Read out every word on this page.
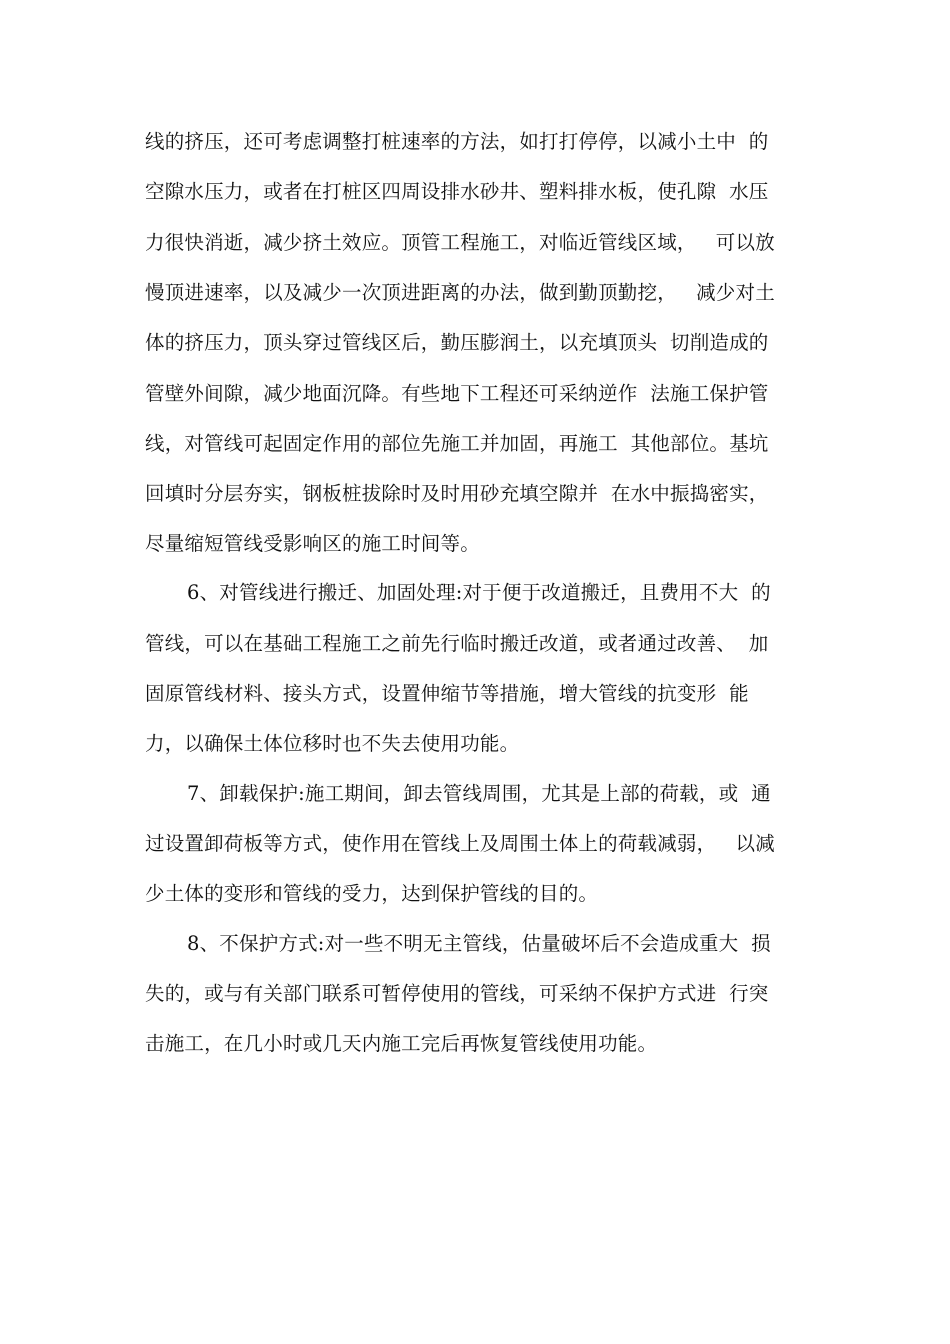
线的挤压，还可考虑调整打桩速率的方法，如打打停停，以减小土中  的
空隙水压力，或者在打桩区四周设排水砂井、塑料排水板，使孔隙  水压
力很快消逝，减少挤土效应。顶管工程施工，对临近管线区域，   可以放
慢顶进速率，以及减少一次顶进距离的办法，做到勤顶勤挖，   减少对土
体的挤压力，顶头穿过管线区后，勤压膨润土，以充填顶头  切削造成的
管壁外间隙，减少地面沉降。有些地下工程还可采纳逆作  法施工保护管
线，对管线可起固定作用的部位先施工并加固，再施工  其他部位。基坑
回填时分层夯实，钢板桩拔除时及时用砂充填空隙并  在水中振捣密实，
尽量缩短管线受影响区的施工时间等。
6、对管线进行搬迁、加固处理:对于便于改道搬迁，且费用不大  的
管线，可以在基础工程施工之前先行临时搬迁改道，或者通过改善、  加
固原管线材料、接头方式，设置伸缩节等措施，增大管线的抗变形  能
力，以确保土体位移时也不失去使用功能。
7、卸载保护:施工期间，卸去管线周围，尤其是上部的荷载，或  通
过设置卸荷板等方式，使作用在管线上及周围土体上的荷载减弱，   以减
少土体的变形和管线的受力，达到保护管线的目的。
8、不保护方式:对一些不明无主管线，估量破坏后不会造成重大  损
失的，或与有关部门联系可暂停使用的管线，可采纳不保护方式进  行突
击施工，在几小时或几天内施工完后再恢复管线使用功能。
